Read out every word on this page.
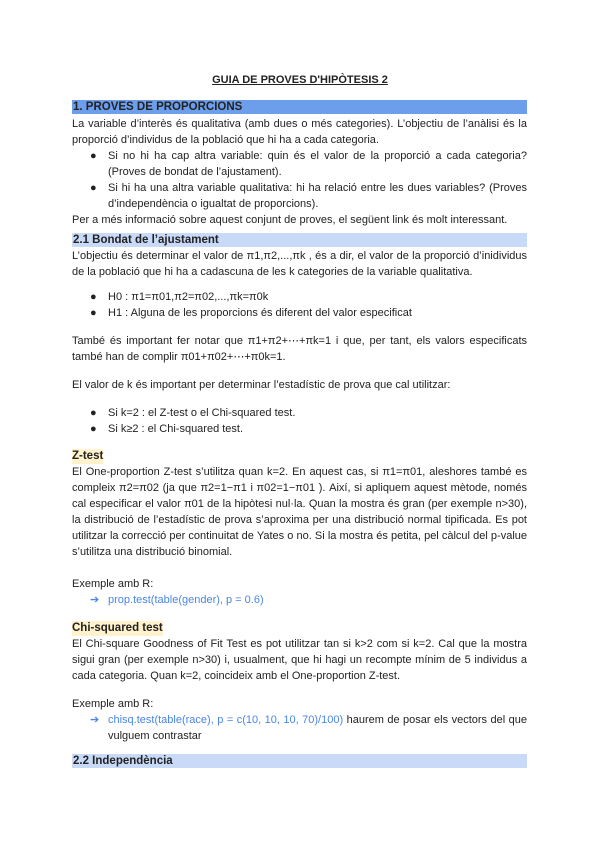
GUIA DE PROVES D'HIPÒTESIS 2
1. PROVES DE PROPORCIONS

La variable d’interès és qualitativa (amb dues o més categories). L’objectiu de l’anàlisi és la proporció d’individus de la població que hi ha a cada categoria.

● Si no hi ha cap altra variable: quin és el valor de la proporció a cada categoria? (Proves de bondat de l’ajustament).
● Si hi ha una altra variable qualitativa: hi ha relació entre les dues variables? (Proves d’independència o igualtat de proporcions).

Per a més informació sobre aquest conjunt de proves, el següent link és molt interessant.

2.1 Bondat de l’ajustament

L’objectiu és determinar el valor de π1,π2,...,πk , és a dir, el valor de la proporció d’inidividus de la població que hi ha a cadascuna de les k categories de la variable qualitativa.

● H0 : π1=π01,π2=π02,...,πk=π0k
● H1 : Alguna de les proporcions és diferent del valor especificat

També és important fer notar que π1+π2+⋯+πk=1 i que, per tant, els valors especificats també han de complir π01+π02+⋯+π0k=1.

El valor de k és important per determinar l’estadístic de prova que cal utilitzar:

● Si k=2 : el Z-test o el Chi-squared test.
● Si k≥2 : el Chi-squared test.
Z-test

El One-proportion Z-test s’utilitza quan k=2. En aquest cas, si π1=π01, aleshores també es compleix π2=π02 (ja que π2=1−π1 i π02=1−π01 ). Així, si apliquem aquest mètode, només cal especificar el valor π01 de la hipòtesi nul·la. Quan la mostra és gran (per exemple n>30), la distribució de l’estadístic de prova s’aproxima per una distribució normal tipificada. Es pot utilitzar la correcció per continuitat de Yates o no. Si la mostra és petita, pel càlcul del p-value s’utilitza una distribució binomial.

Exemple amb R:

➔ prop.test(table(gender), p = 0.6)

Chi-squared test

El Chi-square Goodness of Fit Test es pot utilitzar tan si k>2 com si k=2. Cal que la mostra sigui gran (per exemple n>30) i, usualment, que hi hagi un recompte mínim de 5 individus a cada categoria. Quan k=2, coincideix amb el One-proportion Z-test.

Exemple amb R:

➔ chisq.test(table(race), p = c(10, 10, 10, 70)/100) haurem de posar els vectors del que vulguem contrastar

2.2 Independència
